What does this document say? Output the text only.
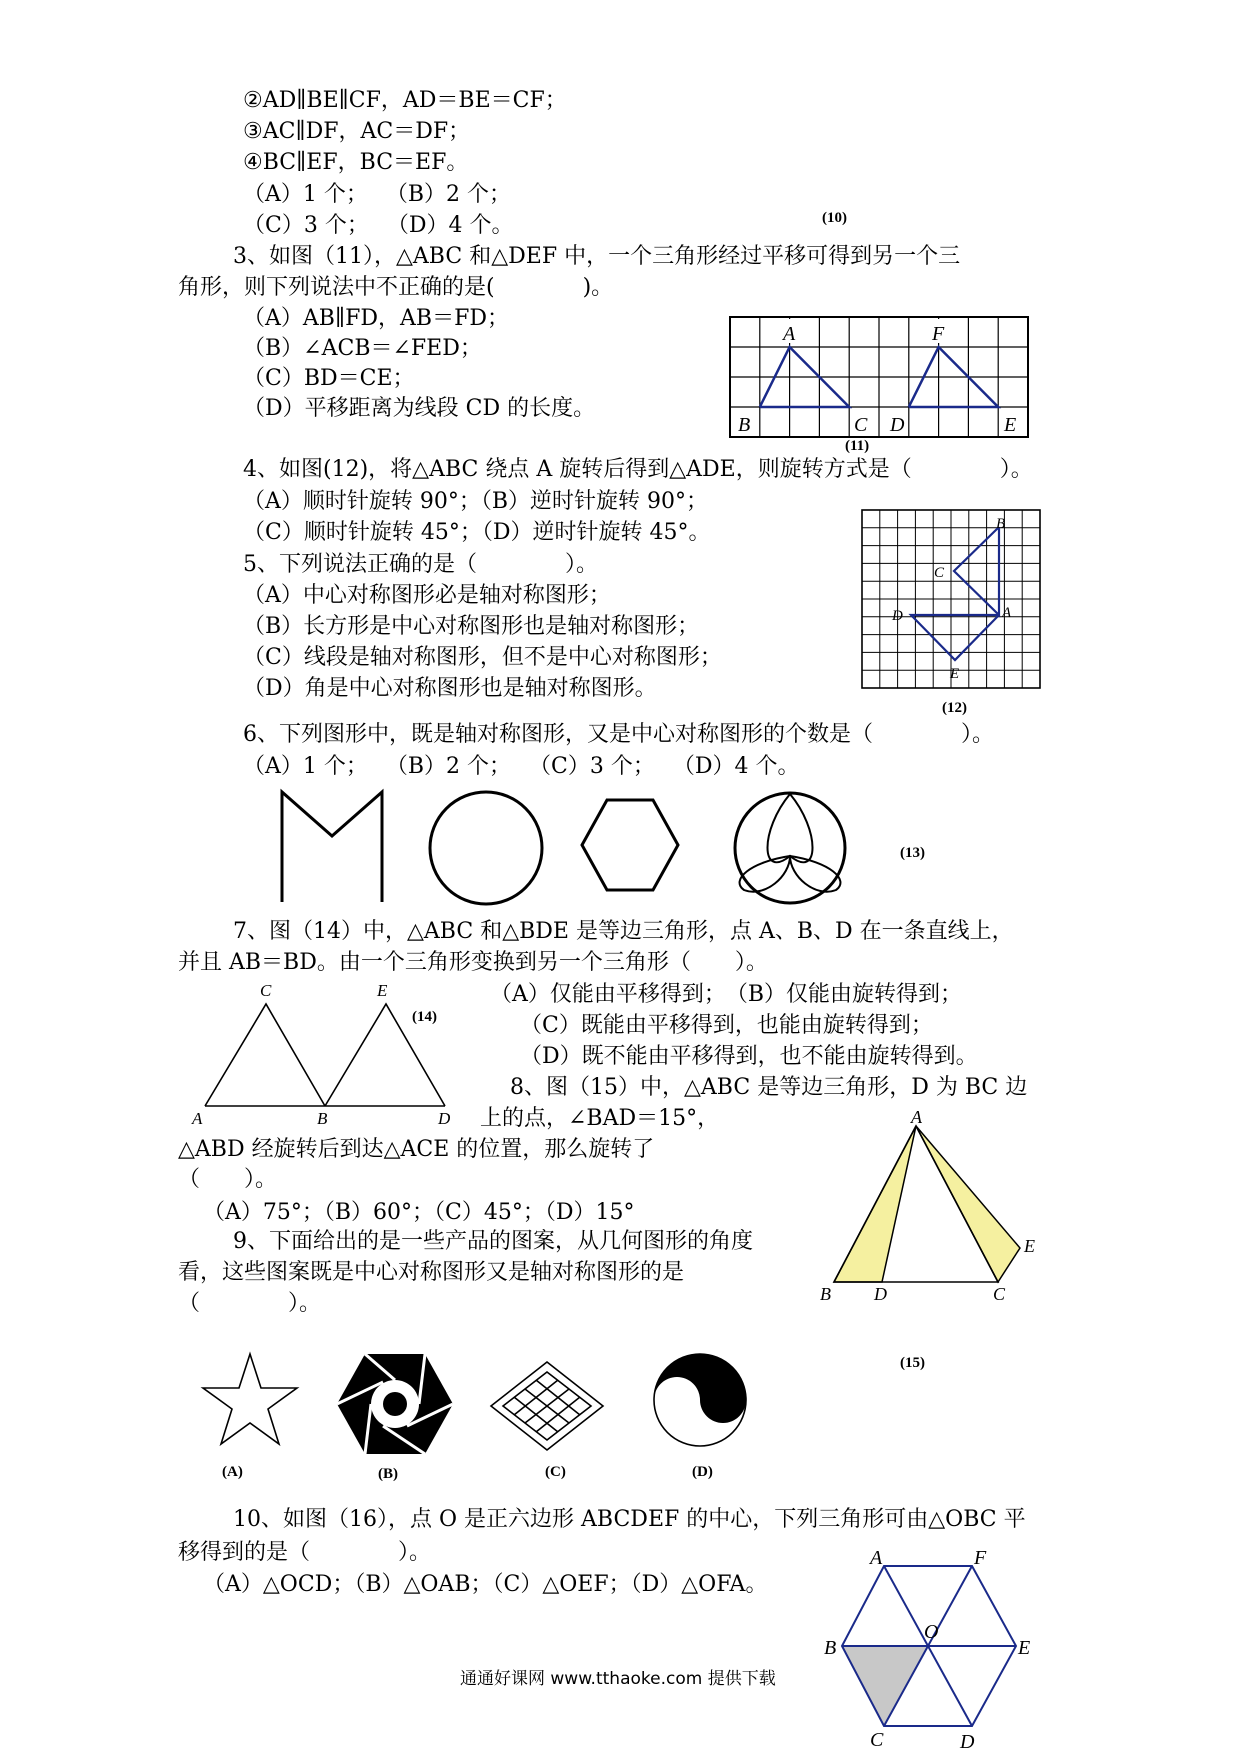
②AD∥BE∥CF，AD＝BE＝CF；
③AC∥DF，AC＝DF；
④BC∥EF，BC＝EF。
（A）1 个；　 （B）2 个；
（C）3 个；　 （D）4 个。	(10)
3、如图（11），△ABC 和△DEF 中，一个三角形经过平移可得到另一个三
角形，则下列说法中不正确的是(　　　　)。
（A）AB∥FD，AB＝FD；
（B）∠ACB＝∠FED；
（C）BD＝CE；
（D）平移距离为线段 CD 的长度。
A	F
B	C D	E
(11)
4、如图(12)，将△ABC 绕点 A 旋转后得到△ADE，则旋转方式是（　　　　）。
（A）顺时针旋转 90°；（B）逆时针旋转 90°；
（C）顺时针旋转 45°；（D）逆时针旋转 45°。	B
C
D	A
E
(12)
5、下列说法正确的是（　　　　）。
（A）中心对称图形必是轴对称图形；
（B）长方形是中心对称图形也是轴对称图形；
（C）线段是轴对称图形，但不是中心对称图形；
（D）角是中心对称图形也是轴对称图形。
6、下列图形中，既是轴对称图形，又是中心对称图形的个数是（　　　　）。
（A）1 个；　 （B）2 个；　 （C）3 个；　 （D）4 个。
(13)
7、图（14）中，△ABC 和△BDE 是等边三角形，点 A、B、D 在一条直线上，
并且 AB＝BD。由一个三角形变换到另一个三角形（　　）。
（A）仅能由平移得到；　（B）仅能由旋转得到；
（C）既能由平移得到，也能由旋转得到；
（D）既不能由平移得到，也不能由旋转得到。
C	E
A	B	D
(14)
8、图（15）中，△ABC 是等边三角形，D 为 BC 边
上的点，∠BAD＝15°，
△ABD 经旋转后到达△ACE 的位置，那么旋转了
（　　）。
（A）75°；（B）60°；（C）45°；（D）15°
A
B D	C
E
(15)
9、下面给出的是一些产品的图案，从几何图形的角度
看，这些图案既是中心对称图形又是轴对称图形的是
（　　　　）。
(A)	(B)	(C)	(D)
10、如图（16），点 O 是正六边形 ABCDEF 的中心，下列三角形可由△OBC 平
移得到的是（　　　　）。
（A）△OCD；（B）△OAB；（C）△OEF；（D）△OFA。
A	F
O
B	E
C	D
通通好课网 www.tthaoke.com 提供下载
